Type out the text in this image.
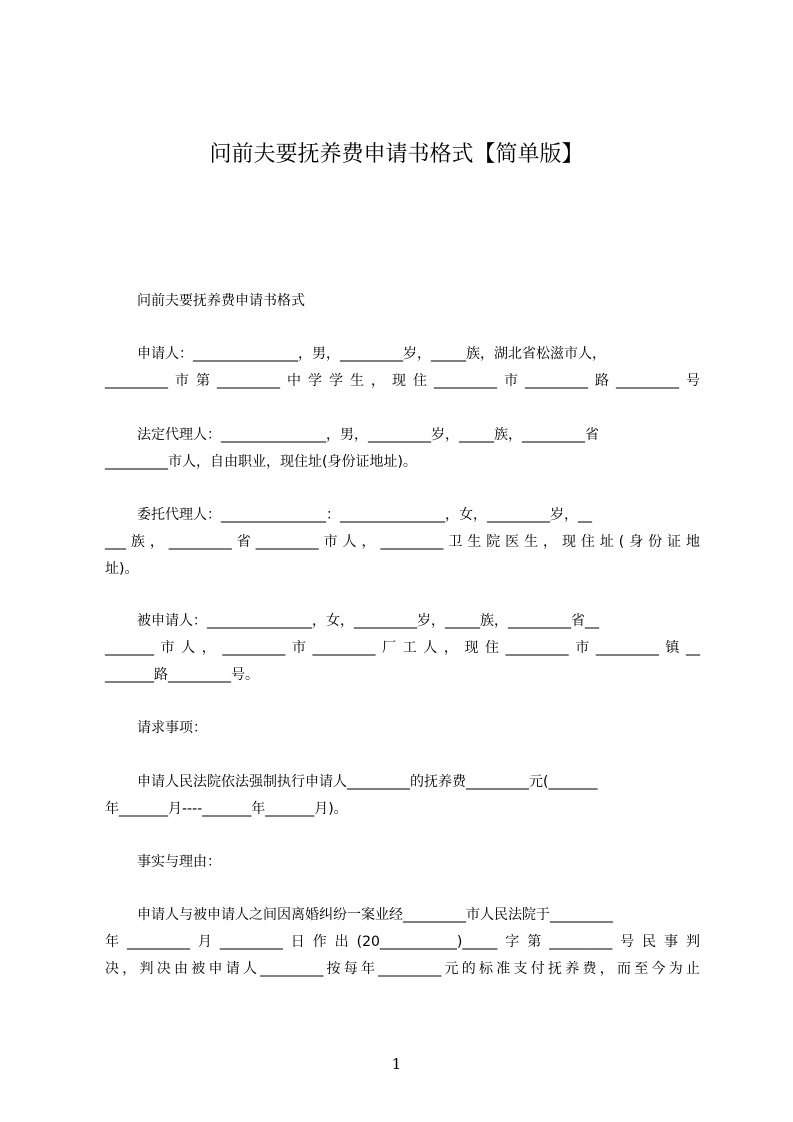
问前夫要抚养费申请书格式【简单版】
问前夫要抚养费申请书格式
申请人：_______________，男，_________岁，_____族，湖北省松滋市人，
_________市第_________中学学生，现住_________市_________路_________号
法定代理人：_______________，男，_________岁，_____族，_________省
_________市人，自由职业，现住址(身份证地址)。
委托代理人：_______________：_______________，女，_________岁，__
___族，_________省_________市人，_________卫生院医生，现住址(身份证地
址)。
被申请人：_______________，女，_________岁，_____族，_________省__
_______市人，_________市_________厂工人，现住_________市_________镇__
_______路_________号。
请求事项：
申请人民法院依法强制执行申请人_________的抚养费_________元(_______
年_______月----_______年_______月)。
事实与理由：
申请人与被申请人之间因离婚纠纷一案业经_________市人民法院于_________
年_________月_________日作出(20___________)_____字第_________号民事判
决，判决由被申请人_________按每年_________元的标准支付抚养费，而至今为止
1
